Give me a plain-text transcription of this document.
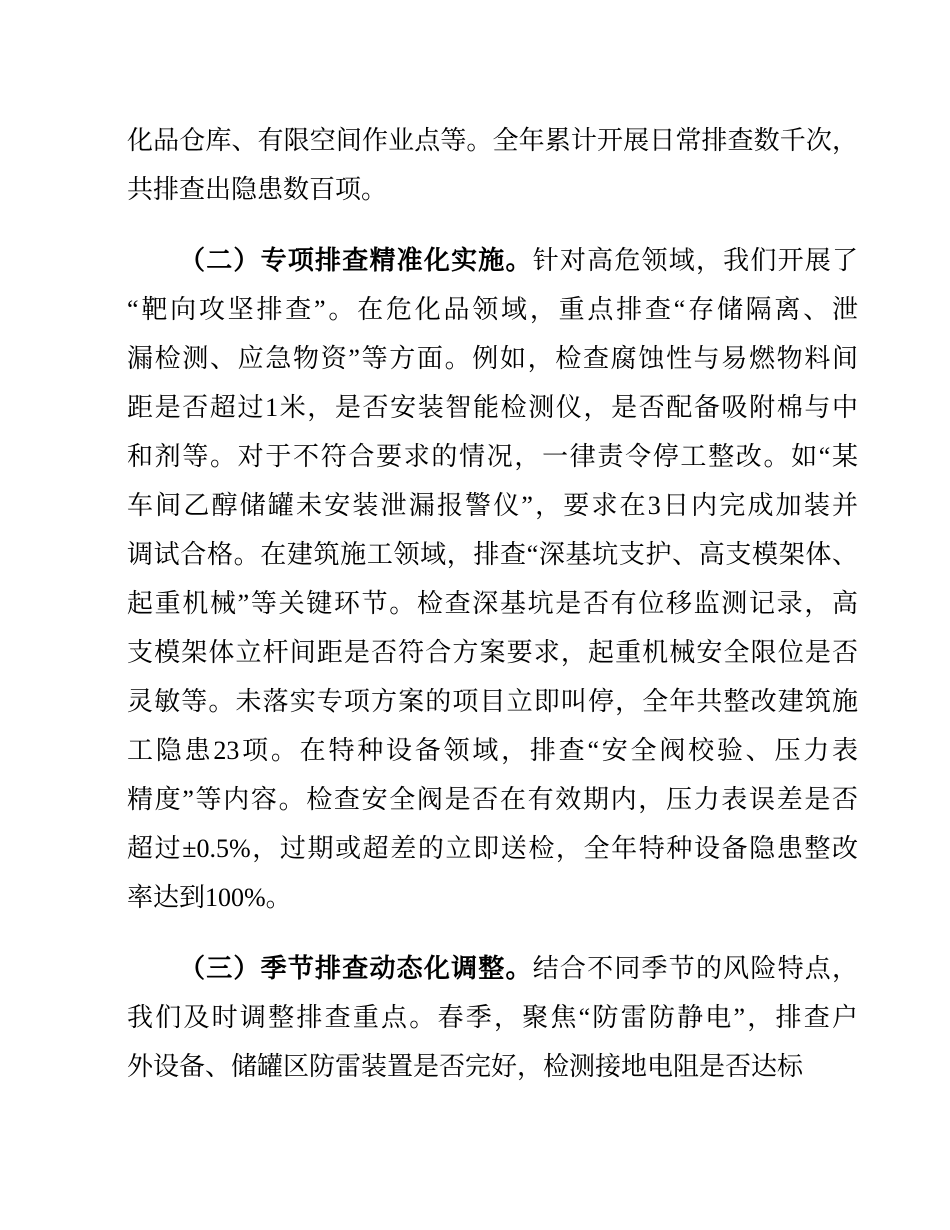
化品仓库、有限空间作业点等。全年累计开展日常排查数千次，
共排查出隐患数百项。
（二）专项排查精准化实施。针对高危领域，我们开展了
“靶向攻坚排查”。在危化品领域，重点排查“存储隔离、泄
漏检测、应急物资”等方面。例如，检查腐蚀性与易燃物料间
距是否超过1米，是否安装智能检测仪，是否配备吸附棉与中
和剂等。对于不符合要求的情况，一律责令停工整改。如“某
车间乙醇储罐未安装泄漏报警仪”，要求在3日内完成加装并
调试合格。在建筑施工领域，排查“深基坑支护、高支模架体、
起重机械”等关键环节。检查深基坑是否有位移监测记录，高
支模架体立杆间距是否符合方案要求，起重机械安全限位是否
灵敏等。未落实专项方案的项目立即叫停，全年共整改建筑施
工隐患23项。在特种设备领域，排查“安全阀校验、压力表
精度”等内容。检查安全阀是否在有效期内，压力表误差是否
超过±0.5%，过期或超差的立即送检，全年特种设备隐患整改
率达到100%。
（三）季节排查动态化调整。结合不同季节的风险特点，
我们及时调整排查重点。春季，聚焦“防雷防静电”，排查户
外设备、储罐区防雷装置是否完好，检测接地电阻是否达标
